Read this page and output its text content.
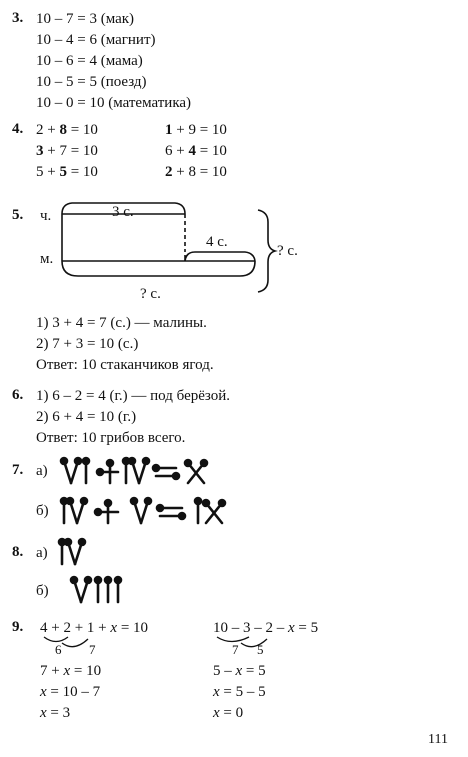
3. 10 – 7 = 3 (мак)
10 – 4 = 6 (магнит)
10 – 6 = 4 (мама)
10 – 5 = 5 (поезд)
10 – 0 = 10 (математика)
4. 2 + 8 = 10
3 + 7 = 10
5 + 5 = 10
1 + 9 = 10
6 + 4 = 10
2 + 8 = 10
5. ч.
м.
3 с.
4 с.
? с.
? с.
1) 3 + 4 = 7 (с.) — малины.
2) 7 + 3 = 10 (с.)
Ответ: 10 стаканчиков ягод.
6. 1) 6 – 2 = 4 (г.) — под берёзой.
2) 6 + 4 = 10 (г.)
Ответ: 10 грибов всего.
7. а)
б)
8. а)
б)
9. 4 + 2 + 1 + x = 10
6 7
7 + x = 10
x = 10 – 7
x = 3
10 – 3 – 2 – x = 5
7 5
5 – x = 5
x = 5 – 5
x = 0
111
